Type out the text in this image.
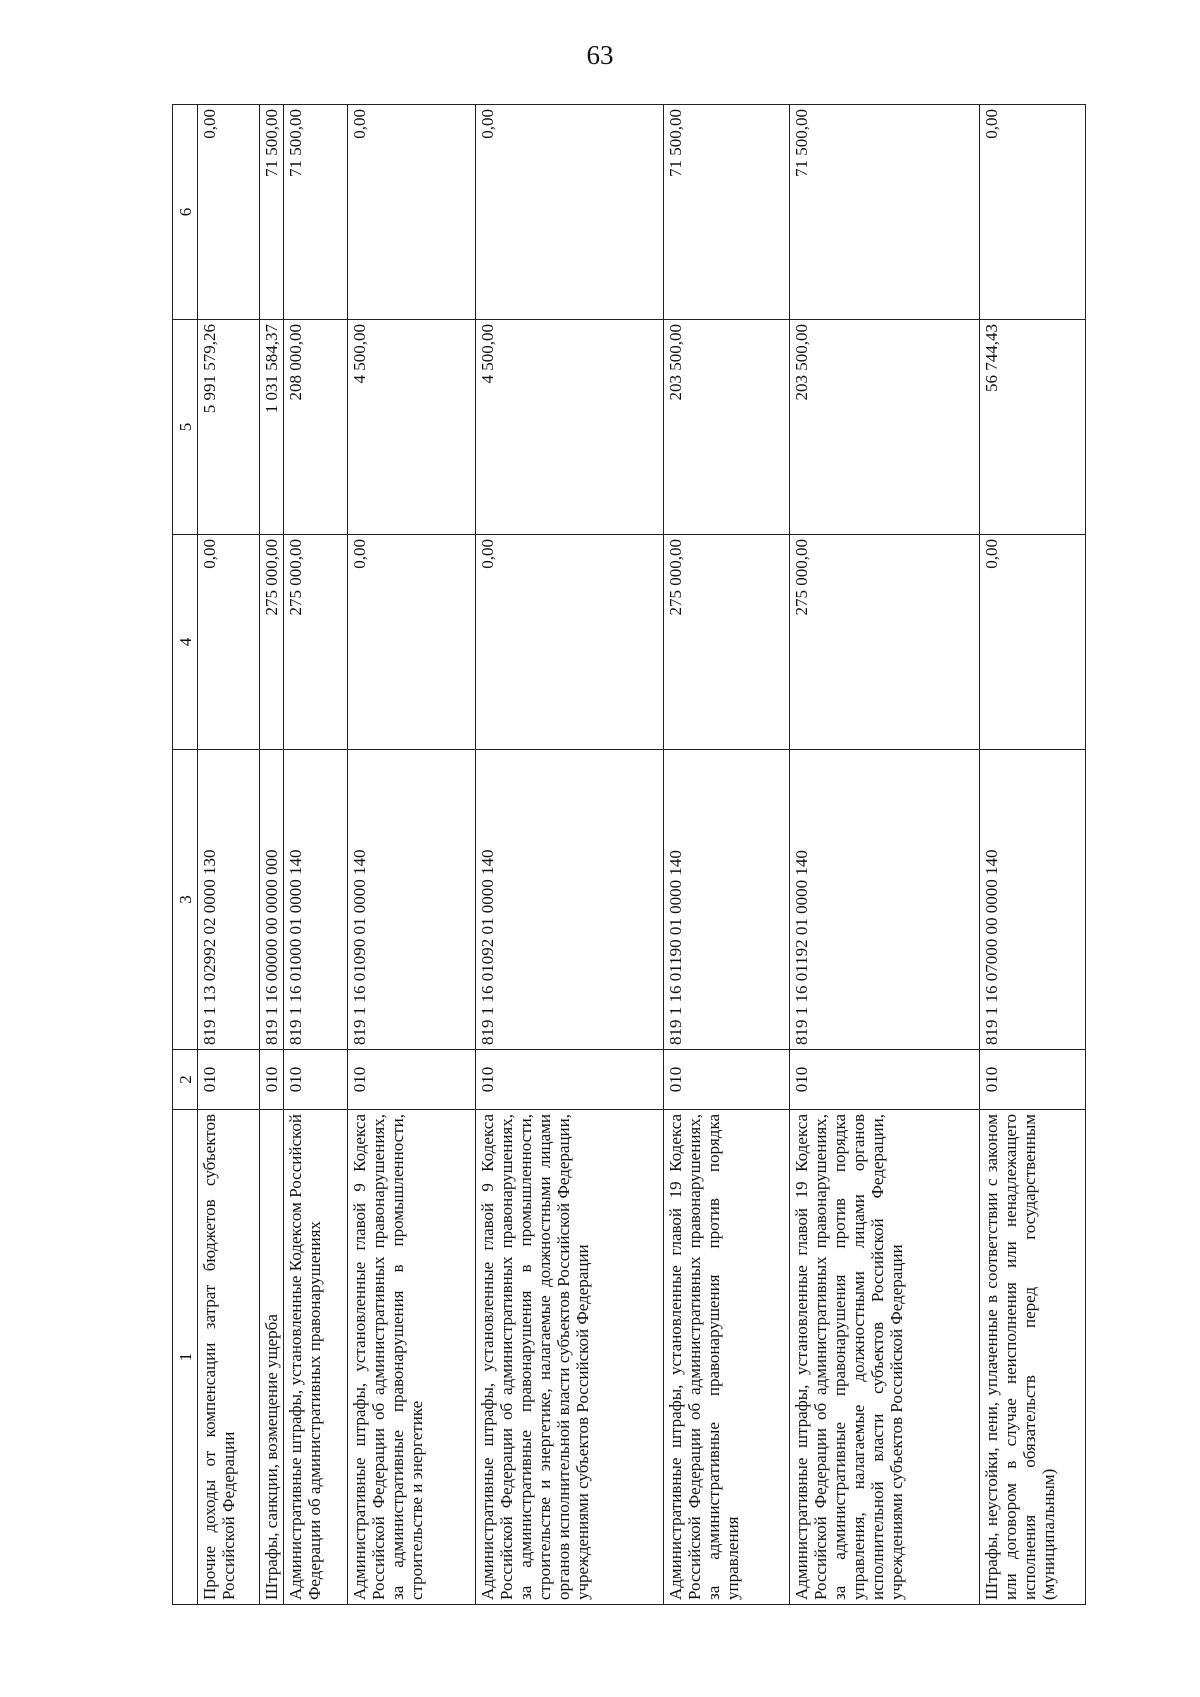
63
1	2	3	4	5	6
Прочие доходы от компенсации затрат бюджетов субъектов Российской Федерации	010	819 1 13 02992 02 0000 130	0,00	5 991 579,26	0,00
Штрафы, санкции, возмещение ущерба	010	819 1 16 00000 00 0000 000	275 000,00	1 031 584,37	71 500,00
Административные штрафы, установленные Кодексом Российской Федерации об административных правонарушениях	010	819 1 16 01000 01 0000 140	275 000,00	208 000,00	71 500,00
Административные штрафы, установленные главой 9 Кодекса Российской Федерации об административных правонарушениях, за административные правонарушения в промышленности, строительстве и энергетике	010	819 1 16 01090 01 0000 140	0,00	4 500,00	0,00
Административные штрафы, установленные главой 9 Кодекса Российской Федерации об административных правонарушениях, за административные правонарушения в промышленности, строительстве и энергетике, налагаемые должностными лицами органов исполнительной власти субъектов Российской Федерации, учреждениями субъектов Российской Федерации	010	819 1 16 01092 01 0000 140	0,00	4 500,00	0,00
Административные штрафы, установленные главой 19 Кодекса Российской Федерации об административных правонарушениях, за административные правонарушения против порядка управления	010	819 1 16 01190 01 0000 140	275 000,00	203 500,00	71 500,00
Административные штрафы, установленные главой 19 Кодекса Российской Федерации об административных правонарушениях, за административные правонарушения против порядка управления, налагаемые должностными лицами органов исполнительной власти субъектов Российской Федерации, учреждениями субъектов Российской Федерации	010	819 1 16 01192 01 0000 140	275 000,00	203 500,00	71 500,00
Штрафы, неустойки, пени, уплаченные в соответствии с законом или договором в случае неисполнения или ненадлежащего исполнения обязательств перед государственным (муниципальным)	010	819 1 16 07000 00 0000 140	0,00	56 744,43	0,00
